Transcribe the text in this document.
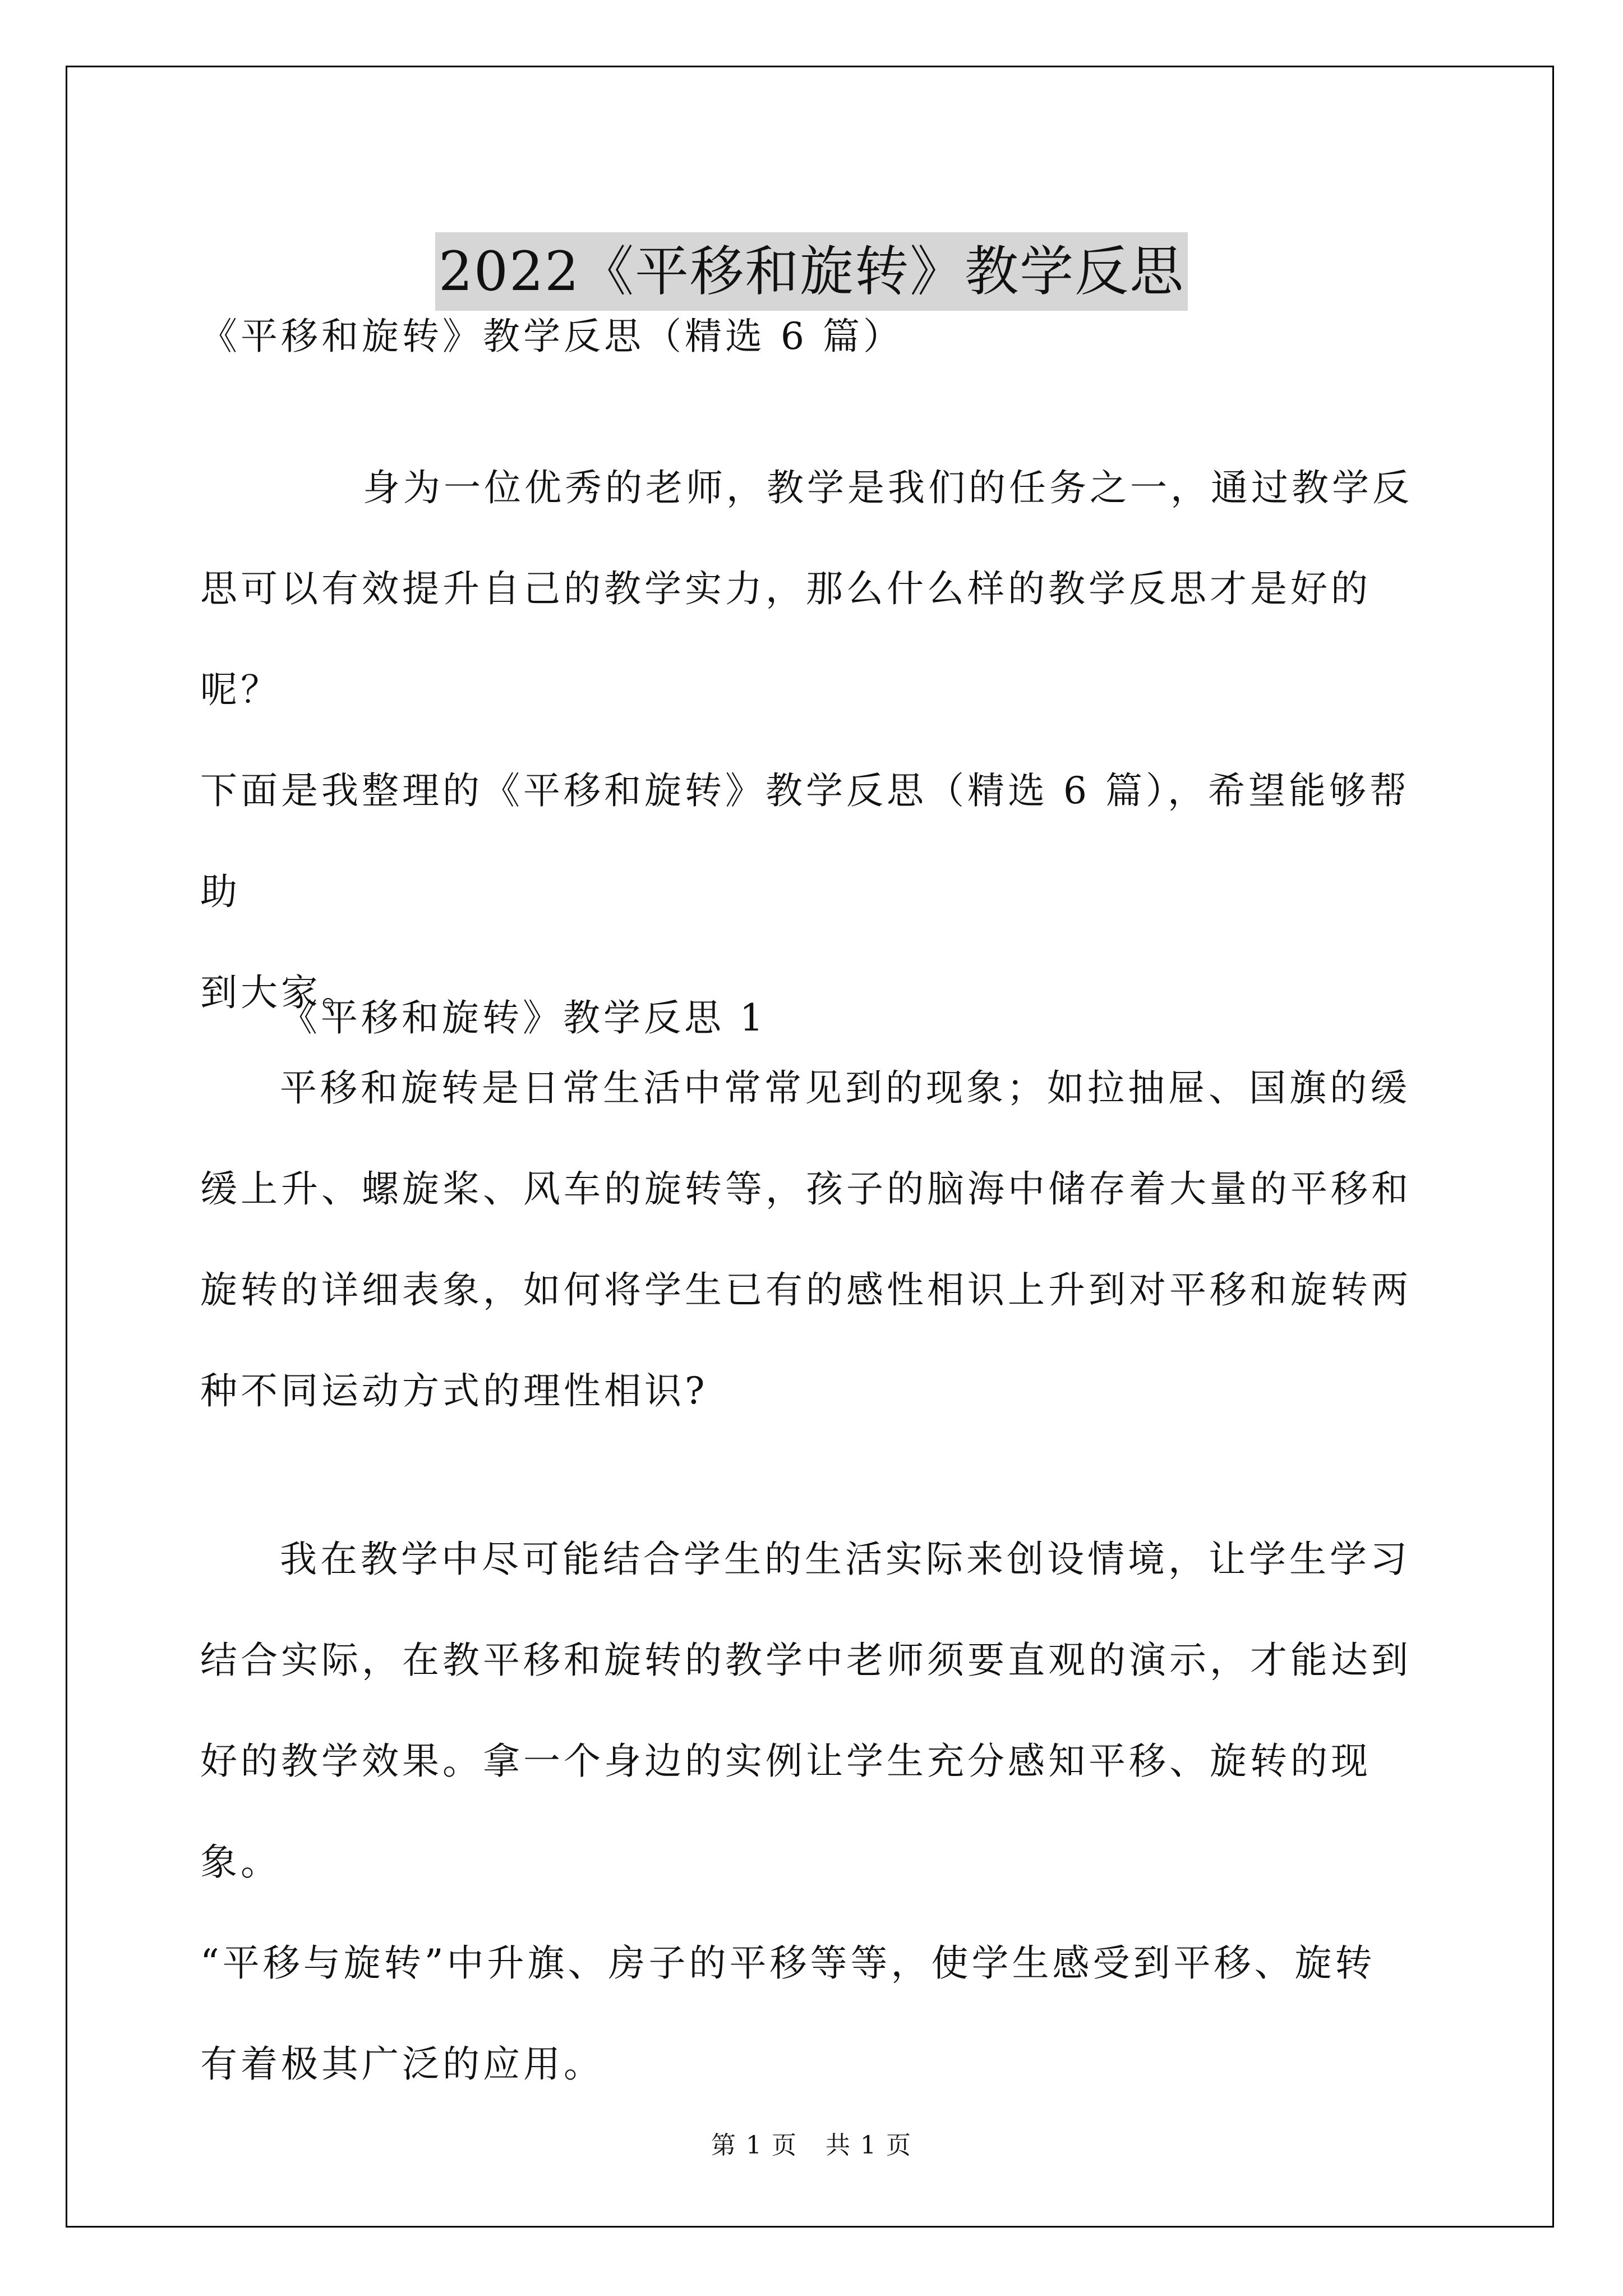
2022《平移和旋转》教学反思
《平移和旋转》教学反思（精选 6 篇）
身为一位优秀的老师，教学是我们的任务之一，通过教学反
思可以有效提升自己的教学实力，那么什么样的教学反思才是好的呢？
下面是我整理的《平移和旋转》教学反思（精选 6 篇），希望能够帮助
到大家。
《平移和旋转》教学反思 1
平移和旋转是日常生活中常常见到的现象；如拉抽屉、国旗的缓
缓上升、螺旋桨、风车的旋转等，孩子的脑海中储存着大量的平移和
旋转的详细表象，如何将学生已有的感性相识上升到对平移和旋转两
种不同运动方式的理性相识?
我在教学中尽可能结合学生的生活实际来创设情境，让学生学习
结合实际，在教平移和旋转的教学中老师须要直观的演示，才能达到
好的教学效果。拿一个身边的实例让学生充分感知平移、旋转的现象。
“平移与旋转”中升旗、房子的平移等等，使学生感受到平移、旋转
有着极其广泛的应用。
第 1 页 共 1 页
